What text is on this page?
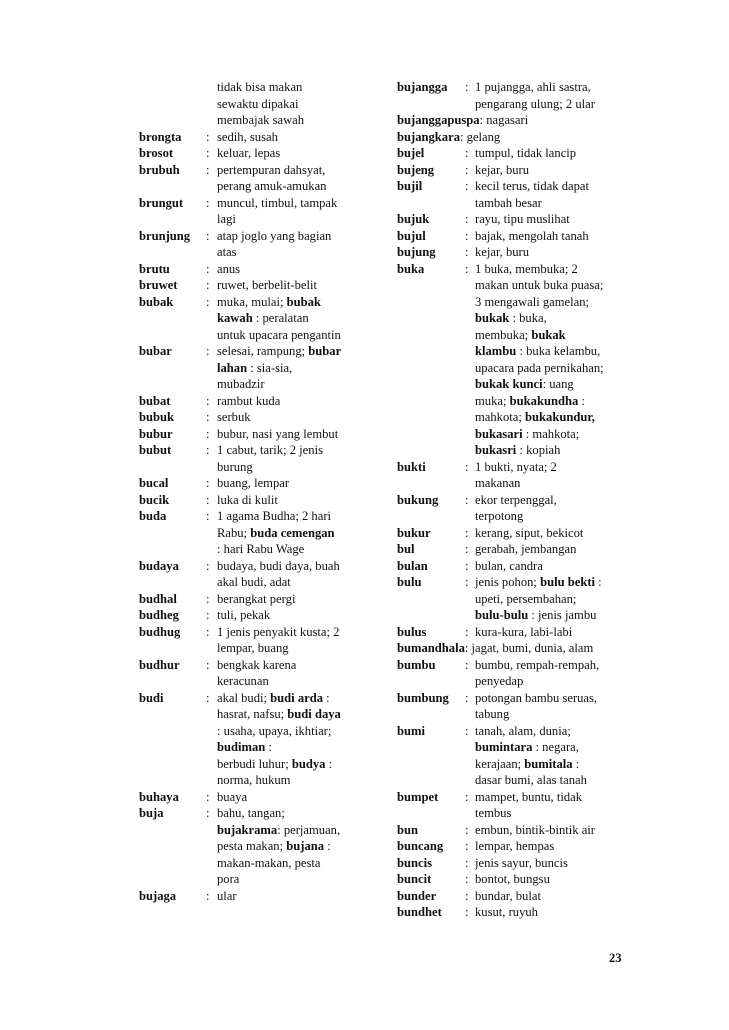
tidak bisa makan
sewaktu dipakai
membajak sawah
brongta : sedih, susah
brosot	: keluar, lepas
brubuh : pertempuran dahsyat,
perang amuk-amukan
brungut : muncul, timbul, tampak
lagi
brunjung : atap joglo yang bagian
atas
brutu	: anus
bruwet : ruwet, berbelit-belit
bubak	: muka, mulai; bubak
kawah : peralatan
untuk upacara pengantin
bubar	: selesai, rampung; bubar
lahan : sia-sia,
mubadzir
bubat	: rambut kuda
bubuk	: serbuk
bubur	: bubur, nasi yang lembut
bubut	: 1 cabut, tarik; 2 jenis
burung
bucal	: buang, lempar
bucik	: luka di kulit
buda	: 1 agama Budha; 2 hari
Rabu; buda cemengan
: hari Rabu Wage
budaya : budaya, budi daya, buah
akal budi, adat
budhal : berangkat pergi
budheg : tuli, pekak
budhug : 1 jenis penyakit kusta; 2
lempar, buang
budhur : bengkak karena
keracunan
budi	: akal budi; budi arda :
hasrat, nafsu; budi daya
: usaha, upaya, ikhtiar;
budiman :
berbudi luhur; budya :
norma, hukum
buhaya : buaya
buja	: bahu, tangan;
bujakrama: perjamuan,
pesta makan; bujana :
makan-makan, pesta
pora
bujaga : ular
bujangga : 1 pujangga, ahli sastra,
pengarang ulung; 2 ular
bujanggapuspa: nagasari
bujangkara: gelang
bujel	: tumpul, tidak lancip
bujeng : kejar, buru
bujil	: kecil terus, tidak dapat
tambah besar
bujuk	: rayu, tipu muslihat
bujul	: bajak, mengolah tanah
bujung : kejar, buru
buka	: 1 buka, membuka; 2
makan untuk buka puasa;
3 mengawali gamelan;
bukak : buka,
membuka; bukak
klambu : buka kelambu,
upacara pada pernikahan;
bukak kunci: uang
muka; bukakundha :
mahkota; bukakundur,
bukasari : mahkota;
bukasri : kopiah
bukti	: 1 bukti, nyata; 2
makanan
bukung : ekor terpenggal,
terpotong
bukur	: kerang, siput, bekicot
bul	: gerabah, jembangan
bulan	: bulan, candra
bulu	: jenis pohon; bulu bekti :
upeti, persembahan;
bulu-bulu : jenis jambu
bulus	: kura-kura, labi-labi
bumandhala: jagat, bumi, dunia, alam
bumbu : bumbu, rempah-rempah,
penyedap
bumbung : potongan bambu seruas,
tabung
bumi	: tanah, alam, dunia;
bumintara : negara,
kerajaan; bumitala :
dasar bumi, alas tanah
bumpet : mampet, buntu, tidak
tembus
bun	: embun, bintik-bintik air
buncang : lempar, hempas
buncis	: jenis sayur, buncis
buncit	: bontot, bungsu
bunder : bundar, bulat
bundhet : kusut, ruyuh
23
